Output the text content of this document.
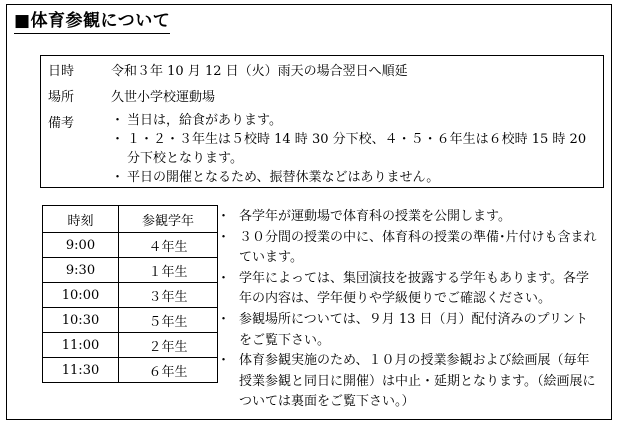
■体育参観について
日時	令和３年 10 月 12 日（火）雨天の場合翌日へ順延
場所	久世小学校運動場
備考	・ 当日は，給食があります。
・ １・２・３年生は５校時 14 時 30 分下校、４・５・６年生は６校時 15 時 20 分下校となります。
・ 平日の開催となるため、振替休業などはありません。
時刻	参観学年
9:00	４年生
9:30	１年生
10:00	３年生
10:30	５年生
11:00	２年生
11:30	６年生
・ 各学年が運動場で体育科の授業を公開します。
・ ３０分間の授業の中に、体育科の授業の準備･片付けも含まれています。
・ 学年によっては、集団演技を披露する学年もあります。各学年の内容は、学年便りや学級便りでご確認ください。
・ 参観場所については、９月 13 日（月）配付済みのプリントをご覧下さい。
・ 体育参観実施のため、１０月の授業参観および絵画展（毎年授業参観と同日に開催）は中止・延期となります。（絵画展については裏面をご覧下さい。）
